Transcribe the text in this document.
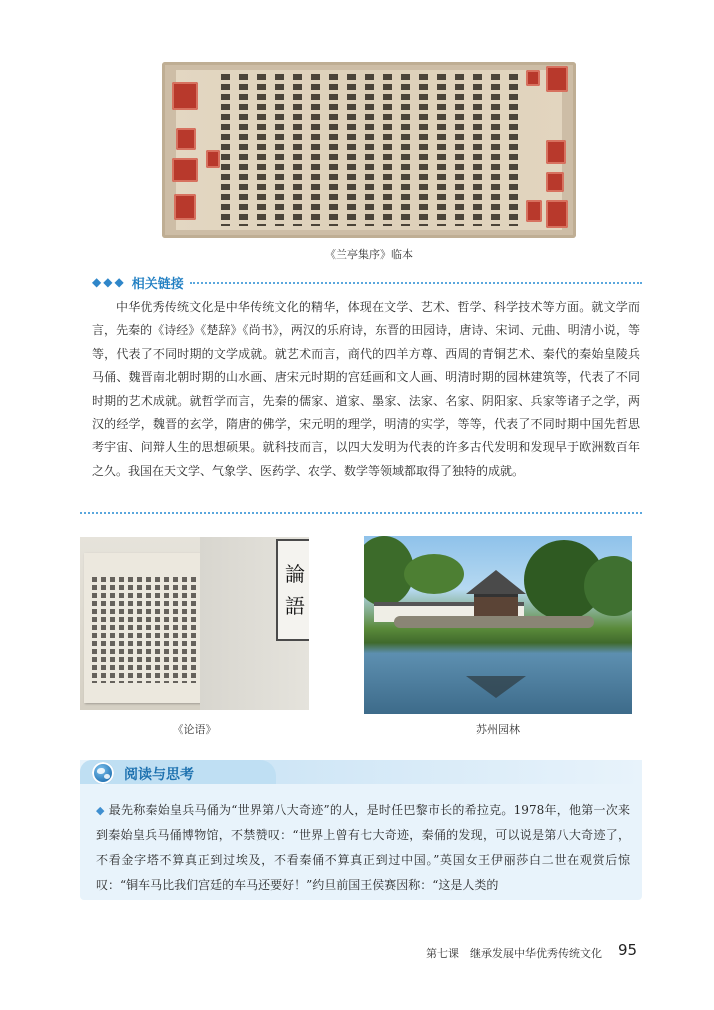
《兰亭集序》临本
◆◆◆ 相关链接
中华优秀传统文化是中华传统文化的精华，体现在文学、艺术、哲学、科学技术等方面。就文学而言，先秦的《诗经》《楚辞》《尚书》，两汉的乐府诗，东晋的田园诗，唐诗、宋词、元曲、明清小说，等等，代表了不同时期的文学成就。就艺术而言，商代的四羊方尊、西周的青铜艺术、秦代的秦始皇陵兵马俑、魏晋南北朝时期的山水画、唐宋元时期的宫廷画和文人画、明清时期的园林建筑等，代表了不同时期的艺术成就。就哲学而言，先秦的儒家、道家、墨家、法家、名家、阴阳家、兵家等诸子之学，两汉的经学，魏晋的玄学，隋唐的佛学，宋元明的理学，明清的实学，等等，代表了不同时期中国先哲思考宇宙、问辩人生的思想硕果。就科技而言，以四大发明为代表的许多古代发明和发现早于欧洲数百年之久。我国在天文学、气象学、医药学、农学、数学等领域都取得了独特的成就。
論
語
《论语》	苏州园林
阅读与思考
◆ 最先称秦始皇兵马俑为“世界第八大奇迹”的人，是时任巴黎市长的希拉克。1978年，他第一次来到秦始皇兵马俑博物馆，不禁赞叹：“世界上曾有七大奇迹，秦俑的发现，可以说是第八大奇迹了，不看金字塔不算真正到过埃及，不看秦俑不算真正到过中国。”英国女王伊丽莎白二世在观赏后惊叹：“铜车马比我们宫廷的车马还要好！”约旦前国王侯赛因称：“这是人类的
第七课　继承发展中华优秀传统文化 95
